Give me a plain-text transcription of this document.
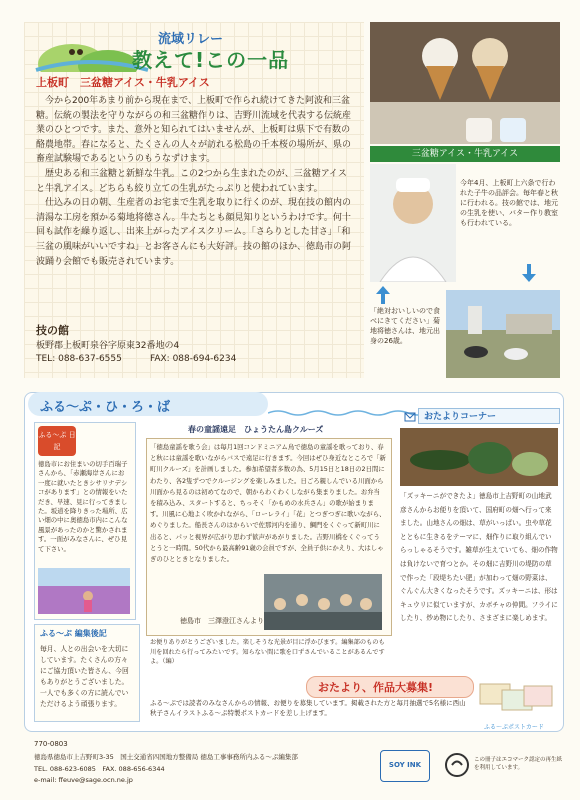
流域リレー
教えて!この一品
上板町　三盆糖アイス・牛乳アイス
今から200年あまり前から現在まで、上板町で作られ続けてきた阿波和三盆糖。伝統の製法を守りながらの和三盆糖作りは、吉野川流域を代表する伝統産業のひとつです。また、意外と知られてはいませんが、上板町は県下で有数の酪農地帯。春になると、たくさんの人々が訪れる松島の千本桜の場所が、県の畜産試験場であるというのもうなずけます。
歴史ある和三盆糖と新鮮な牛乳。この2つから生まれたのが、三盆糖アイスと牛乳アイス。どちらも絞り立ての生乳がたっぷりと使われています。
仕込みの日の朝、生産者のお宅まで生乳を取りに行くのが、現在技の館内の清湯な工房を預かる菊地将徳さん。牛たちとも顔見知りというわけです。何十回も試作を繰り返し、出来上がったアイスクリーム。「さらりとした甘さ」「和三盆の風味がいいですね」とお客さんにも大好評。技の館のほか、徳島市の阿波踊り会館でも販売されています。
技の館
板野郡上板町泉谷字原東32番地の4
TEL: 088-637-6555	FAX: 088-694-6234
三盆糖アイス・牛乳アイス
今年4月、上板町上六条で行われた子牛の品評会。毎年春と秋に行われる。技の館では、地元の生乳を使い、バター作り教室も行われている。
「絶対おいしいので食べにきてください」菊地将徳さんは、地元出身の26歳。
ふる〜ぷ・ひ・ろ・ば
ふる〜ぷ 日記
徳島市にお住まいの切手百瑞子さんから、「赤瀬海岸さんにお一度に就いたときシサリナデシコがあります」との情報をいただき、早速、見に行ってきました。坂道を降りきった場所、広い畑の中に奥徳島市内にこんな風景があったのかと驚かされます。一面がみなさんに、ぜひ見て下さい。
ふる〜ぷ 編集後記
毎月、人との出会いを大切にしています。たくさんの方々にご協力頂いた皆さん、今回もありがとうございました。一人でも多くの方に読んでいただけるよう頑張ります。
春の童謡遠足　ひょうたん島クルーズ
「徳島童謡を歌う会」は毎月1回コンドミニアム鳥で徳島の童謡を歌っており、春と秋には童謡を歌いながらバスで遠足に行きます。今回はぜひ身近なところで「新町川クルーズ」を計画しました。参加希望者多数の為、5月15日と18日の2日間にわたり、各2隻ずつでクルージングを楽しみました。日ごろ親しんでいる川面から川面から見るのは初めてなので、朝からわくわくしながら集まりました。お弁当を積み込み、スタートすると、ちっそく「かもめの水兵さん」の歌が始まります。川風に心地よく吹かれながら、「ローレライ」「花」とつぎつぎに歌いながら、めぐりました。船長さんのはからいで佐那河内を通り、鯛門をくぐって新町川に出ると、パッと視界が広がり思わず歓声があがりました。吉野川橋をくぐってうとうと一時間。50代から最高齢91歳の会員ですが、全員子供にかえり、大はしゃぎのひとときとなりました。
徳島市　三澤澄江さんより
お便りありがとうございました。楽しそうな光景が目に浮かびます。編集部のものも川を回れたら行ってみたいです。知らない間に歌を口ずさんでいることがあるんですよ。（編）
おたよりコーナー
「ズッキーニができたよ」徳島市上吉野町の山地武彦さんからお便りを頂いて、国府町の畑へ行って来ました。山地さんの畑は、草がいっぱい。虫や草花とともに生きるをテーマに、畑作りに取り組んでいらっしゃるそうです。雑草が生えていても、畑の作物は負けないで育つとか。その畑に吉野川の堤防の草で作った「段堤ちたい肥」が加わって畑の野菜は、ぐんぐん大きくなったそうです。ズッキーニは、形はキュウリに似ていますが、カボチャの仲間。フライにしたり、炒め物にしたり、さまざまに楽しめます。
おたより、作品大募集!
ふる〜ぷポストカード
ふる〜ぷでは読者のみなさんからの情報、お便りを募集しています。掲載された方と毎月抽選で5名様に西山秋子さんイラストふる〜ぷ特製ポストカードを差し上げます。
770-0803
徳島県徳島市上吉野町3-35　国土交通省四国地方整備局 徳島工事事務所内ふる〜ぷ編集部
TEL. 088-623-6085　FAX. 088-656-6344
e-mail: ffeuve@sage.ocn.ne.jp
SOY INK
この冊子はエコマーク認定の再生紙を利用しています。
